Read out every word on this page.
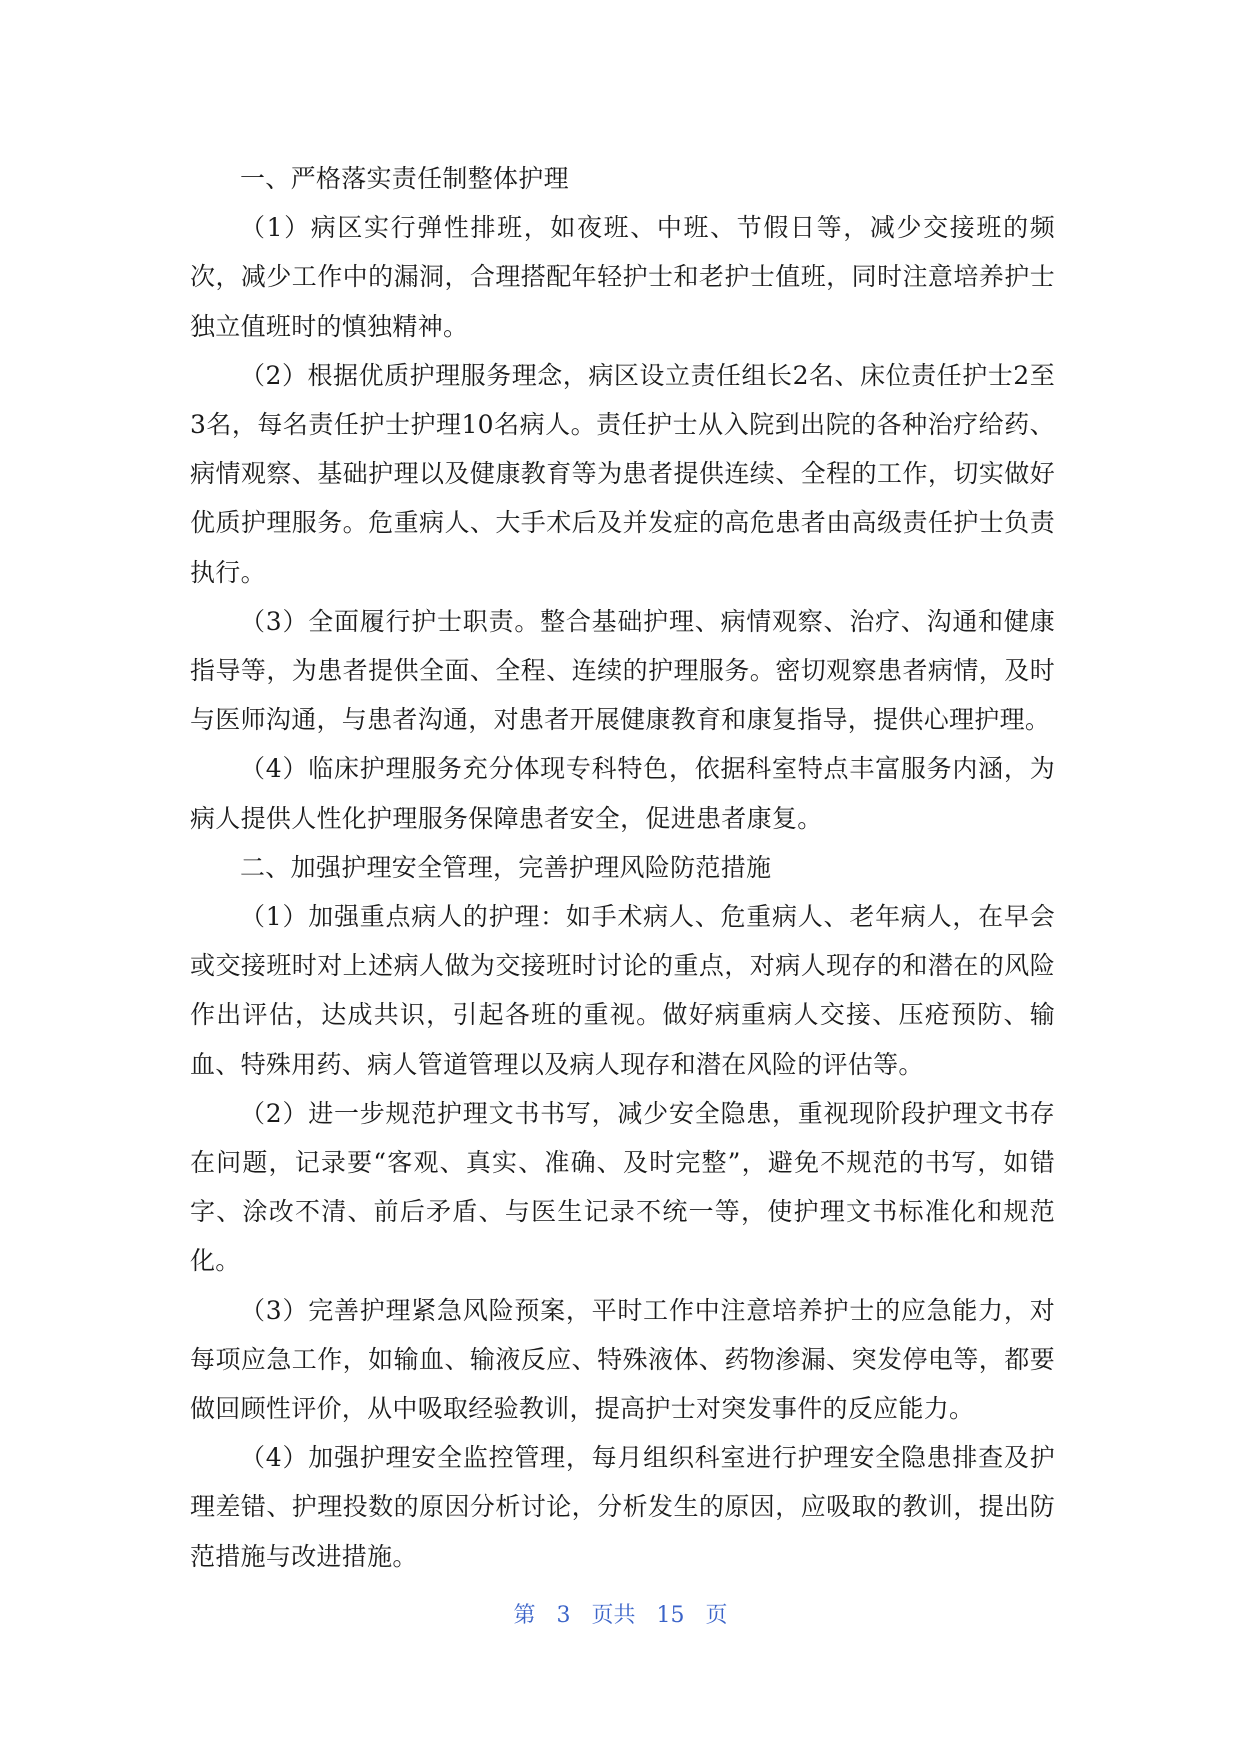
一、严格落实责任制整体护理

（1）病区实行弹性排班，如夜班、中班、节假日等，减少交接班的频次，减少工作中的漏洞，合理搭配年轻护士和老护士值班，同时注意培养护士独立值班时的慎独精神。

（2）根据优质护理服务理念，病区设立责任组长2名、床位责任护士2至3名，每名责任护士护理10名病人。责任护士从入院到出院的各种治疗给药、病情观察、基础护理以及健康教育等为患者提供连续、全程的工作，切实做好优质护理服务。危重病人、大手术后及并发症的高危患者由高级责任护士负责执行。

（3）全面履行护士职责。整合基础护理、病情观察、治疗、沟通和健康指导等，为患者提供全面、全程、连续的护理服务。密切观察患者病情，及时与医师沟通，与患者沟通，对患者开展健康教育和康复指导，提供心理护理。

（4）临床护理服务充分体现专科特色，依据科室特点丰富服务内涵，为病人提供人性化护理服务保障患者安全，促进患者康复。

二、加强护理安全管理，完善护理风险防范措施

（1）加强重点病人的护理：如手术病人、危重病人、老年病人，在早会或交接班时对上述病人做为交接班时讨论的重点，对病人现存的和潜在的风险作出评估，达成共识，引起各班的重视。做好病重病人交接、压疮预防、输血、特殊用药、病人管道管理以及病人现存和潜在风险的评估等。

（2）进一步规范护理文书书写，减少安全隐患，重视现阶段护理文书存在问题，记录要“客观、真实、准确、及时完整”，避免不规范的书写，如错字、涂改不清、前后矛盾、与医生记录不统一等，使护理文书标准化和规范化。

（3）完善护理紧急风险预案，平时工作中注意培养护士的应急能力，对每项应急工作，如输血、输液反应、特殊液体、药物渗漏、突发停电等，都要做回顾性评价，从中吸取经验教训，提高护士对突发事件的反应能力。

（4）加强护理安全监控管理，每月组织科室进行护理安全隐患排查及护理差错、护理投数的原因分析讨论，分析发生的原因，应吸取的教训，提出防范措施与改进措施。

第 3 页共 15 页
